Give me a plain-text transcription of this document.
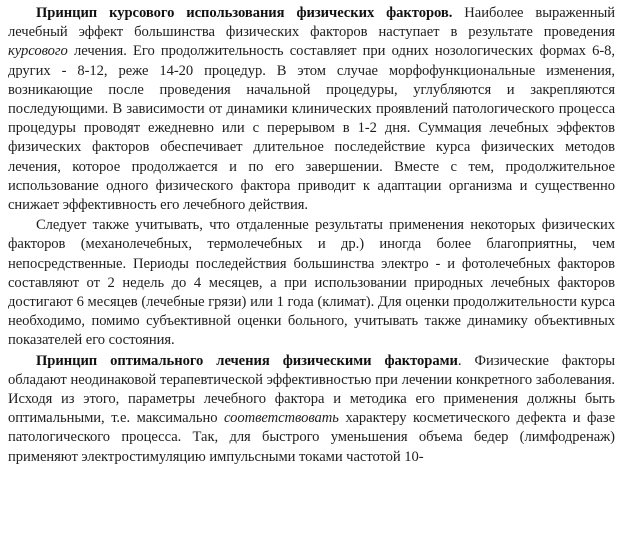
Принцип курсового использования физических факторов. Наиболее выраженный лечебный эффект большинства физических факторов наступает в результате проведения курсового лечения. Его продолжительность составляет при одних нозологических формах 6-8, других - 8-12, реже 14-20 процедур. В этом случае морфофункциональные изменения, возникающие после проведения начальной процедуры, углубляются и закрепляются последующими. В зависимости от динамики клинических проявлений патологического процесса процедуры проводят ежедневно или с перерывом в 1-2 дня. Суммация лечебных эффектов физических факторов обеспечивает длительное последействие курса физических методов лечения, которое продолжается и по его завершении. Вместе с тем, продолжительное использование одного физического фактора приводит к адаптации организма и существенно снижает эффективность его лечебного действия.

Следует также учитывать, что отдаленные результаты применения некоторых физических факторов (механолечебных, термолечебных и др.) иногда более благоприятны, чем непосредственные. Периоды последействия большинства электро - и фотолечебных факторов составляют от 2 недель до 4 месяцев, а при использовании природных лечебных факторов достигают 6 месяцев (лечебные грязи) или 1 года (климат). Для оценки продолжительности курса необходимо, помимо субъективной оценки больного, учитывать также динамику объективных показателей его состояния.

Принцип оптимального лечения физическими факторами. Физические факторы обладают неодинаковой терапевтической эффективностью при лечении конкретного заболевания. Исходя из этого, параметры лечебного фактора и методика его применения должны быть оптимальными, т.е. максимально соответствовать характеру косметического дефекта и фазе патологического процесса. Так, для быстрого уменьшения объема бедер (лимфодренаж) применяют электростимуляцию импульсными токами частотой 10-
